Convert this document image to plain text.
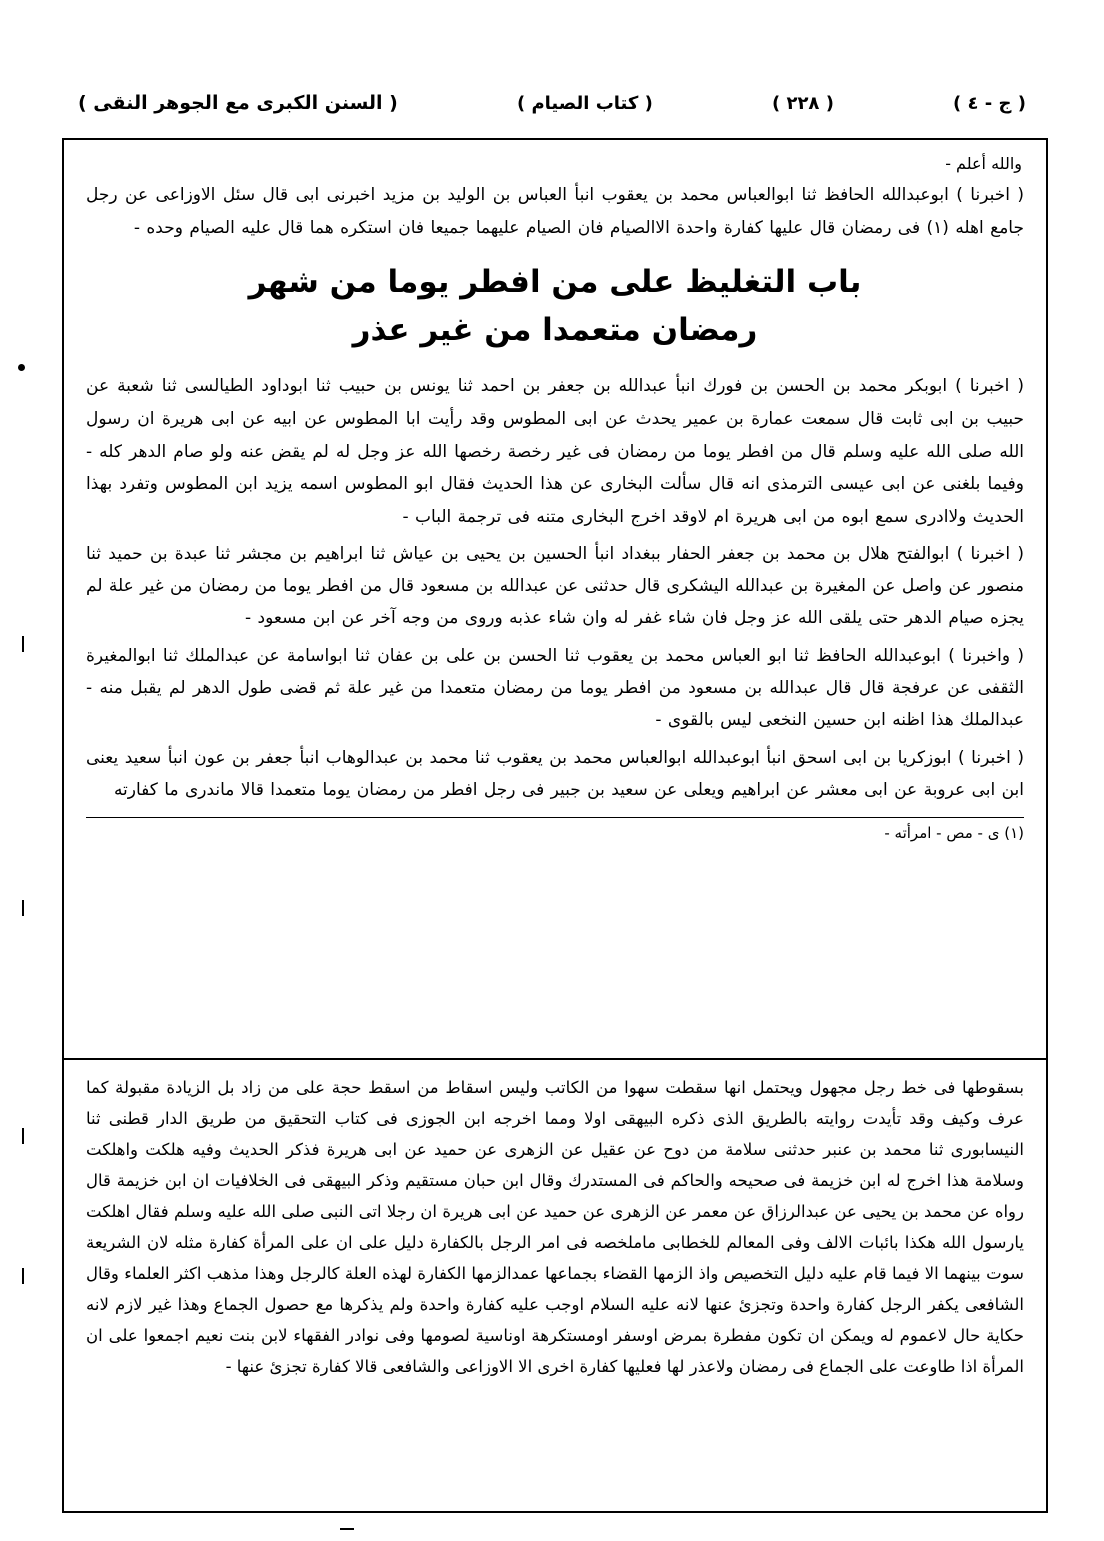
( السنن الكبرى مع الجوهر النقى )	( كتاب الصيام )	( ٢٢٨ )	( ج - ٤ )
والله أعلم -

( اخبرنا ) ابوعبدالله الحافظ ثنا ابوالعباس محمد بن يعقوب انبأ العباس بن الوليد بن مزيد اخبرنى ابى قال سئل الاوزاعى عن رجل جامع اهله (١) فى رمضان قال عليها كفارة واحدة الاالصيام فان الصيام عليهما جميعا فان استكره هما قال عليه الصيام وحده -

باب التغليظ على من افطر يوما من شهر
رمضان متعمدا من غير عذر

( اخبرنا ) ابوبكر محمد بن الحسن بن فورك انبأ عبدالله بن جعفر بن احمد ثنا يونس بن حبيب ثنا ابوداود الطيالسى ثنا شعبة عن حبيب بن ابى ثابت قال سمعت عمارة بن عمير يحدث عن ابى المطوس وقد رأيت ابا المطوس عن ابيه عن ابى هريرة ان رسول الله صلى الله عليه وسلم قال من افطر يوما من رمضان فى غير رخصة رخصها الله عز وجل له لم يقض عنه ولو صام الدهر كله - وفيما بلغنى عن ابى عيسى الترمذى انه قال سألت البخارى عن هذا الحديث فقال ابو المطوس اسمه يزيد ابن المطوس وتفرد بهذا الحديث ولاادرى سمع ابوه من ابى هريرة ام لاوقد اخرج البخارى متنه فى ترجمة الباب -

( اخبرنا ) ابوالفتح هلال بن محمد بن جعفر الحفار ببغداد انبأ الحسين بن يحيى بن عياش ثنا ابراهيم بن مجشر ثنا عبدة بن حميد ثنا منصور عن واصل عن المغيرة بن عبدالله اليشكرى قال حدثنى عن عبدالله بن مسعود قال من افطر يوما من رمضان من غير علة لم يجزه صيام الدهر حتى يلقى الله عز وجل فان شاء غفر له وان شاء عذبه وروى من وجه آخر عن ابن مسعود -

( واخبرنا ) ابوعبدالله الحافظ ثنا ابو العباس محمد بن يعقوب ثنا الحسن بن على بن عفان ثنا ابواسامة عن عبدالملك ثنا ابوالمغيرة الثقفى عن عرفجة قال قال عبدالله بن مسعود من افطر يوما من رمضان متعمدا من غير علة ثم قضى طول الدهر لم يقبل منه - عبدالملك هذا اظنه ابن حسين النخعى ليس بالقوى -

( اخبرنا ) ابوزكريا بن ابى اسحق انبأ ابوعبدالله ابوالعباس محمد بن يعقوب ثنا محمد بن عبدالوهاب انبأ جعفر بن عون انبأ سعيد يعنى ابن ابى عروبة عن ابى معشر عن ابراهيم ويعلى عن سعيد بن جبير فى رجل افطر من رمضان يوما متعمدا قالا ماندرى ما كفارته

(١) ى - مص - امرأته -

بسقوطها فى خط رجل مجهول ويحتمل انها سقطت سهوا من الكاتب وليس اسقاط من اسقط حجة على من زاد بل الزيادة مقبولة كما عرف وكيف وقد تأيدت روايته بالطريق الذى ذكره البيهقى اولا ومما اخرجه ابن الجوزى فى كتاب التحقيق من طريق الدار قطنى ثنا النيسابورى ثنا محمد بن عنبر حدثنى سلامة من دوح عن عقيل عن الزهرى عن حميد عن ابى هريرة فذكر الحديث وفيه هلكت واهلكت وسلامة هذا اخرج له ابن خزيمة فى صحيحه والحاكم فى المستدرك وقال ابن حبان مستقيم وذكر البيهقى فى الخلافيات ان ابن خزيمة قال رواه عن محمد بن يحيى عن عبدالرزاق عن معمر عن الزهرى عن حميد عن ابى هريرة ان رجلا اتى النبى صلى الله عليه وسلم فقال اهلكت يارسول الله هكذا بائبات الالف وفى المعالم للخطابى ماملخصه فى امر الرجل بالكفارة دليل على ان على المرأة كفارة مثله لان الشريعة سوت بينهما الا فيما قام عليه دليل التخصيص واذ الزمها القضاء بجماعها عمدالزمها الكفارة لهذه العلة كالرجل وهذا مذهب اكثر العلماء وقال الشافعى يكفر الرجل كفارة واحدة وتجزئ عنها لانه عليه السلام اوجب عليه كفارة واحدة ولم يذكرها مع حصول الجماع وهذا غير لازم لانه حكاية حال لاعموم له ويمكن ان تكون مفطرة بمرض اوسفر اومستكرهة اوناسية لصومها وفى نوادر الفقهاء لابن بنت نعيم اجمعوا على ان المرأة اذا طاوعت على الجماع فى رمضان ولاعذر لها فعليها كفارة اخرى الا الاوزاعى والشافعى قالا كفارة تجزئ عنها -
